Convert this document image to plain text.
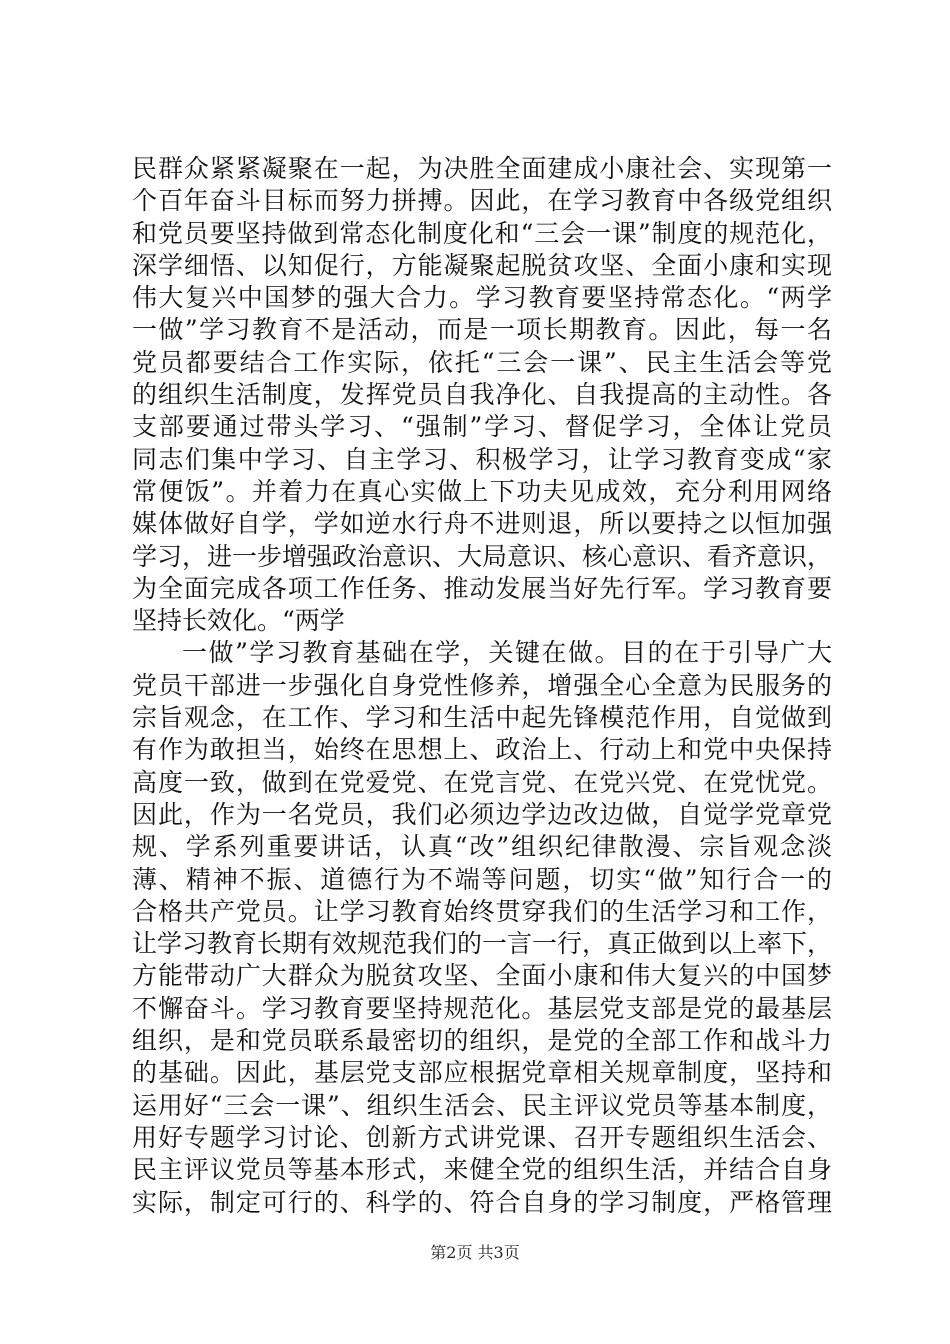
民群众紧紧凝聚在一起，为决胜全面建成小康社会、实现第一
个百年奋斗目标而努力拼搏。因此，在学习教育中各级党组织
和党员要坚持做到常态化制度化和“三会一课”制度的规范化，
深学细悟、以知促行，方能凝聚起脱贫攻坚、全面小康和实现
伟大复兴中国梦的强大合力。学习教育要坚持常态化。“两学
一做”学习教育不是活动，而是一项长期教育。因此，每一名
党员都要结合工作实际，依托“三会一课”、民主生活会等党
的组织生活制度，发挥党员自我净化、自我提高的主动性。各
支部要通过带头学习、“强制”学习、督促学习，全体让党员
同志们集中学习、自主学习、积极学习，让学习教育变成“家
常便饭”。并着力在真心实做上下功夫见成效，充分利用网络
媒体做好自学，学如逆水行舟不进则退，所以要持之以恒加强
学习，进一步增强政治意识、大局意识、核心意识、看齐意识，
为全面完成各项工作任务、推动发展当好先行军。学习教育要
坚持长效化。“两学
一做”学习教育基础在学，关键在做。目的在于引导广大
党员干部进一步强化自身党性修养，增强全心全意为民服务的
宗旨观念，在工作、学习和生活中起先锋模范作用，自觉做到
有作为敢担当，始终在思想上、政治上、行动上和党中央保持
高度一致，做到在党爱党、在党言党、在党兴党、在党忧党。
因此，作为一名党员，我们必须边学边改边做，自觉学党章党
规、学系列重要讲话，认真“改”组织纪律散漫、宗旨观念淡
薄、精神不振、道德行为不端等问题，切实“做”知行合一的
合格共产党员。让学习教育始终贯穿我们的生活学习和工作，
让学习教育长期有效规范我们的一言一行，真正做到以上率下，
方能带动广大群众为脱贫攻坚、全面小康和伟大复兴的中国梦
不懈奋斗。学习教育要坚持规范化。基层党支部是党的最基层
组织，是和党员联系最密切的组织，是党的全部工作和战斗力
的基础。因此，基层党支部应根据党章相关规章制度，坚持和
运用好“三会一课”、组织生活会、民主评议党员等基本制度，
用好专题学习讨论、创新方式讲党课、召开专题组织生活会、
民主评议党员等基本形式，来健全党的组织生活，并结合自身
实际，制定可行的、科学的、符合自身的学习制度，严格管理
第2页 共3页
